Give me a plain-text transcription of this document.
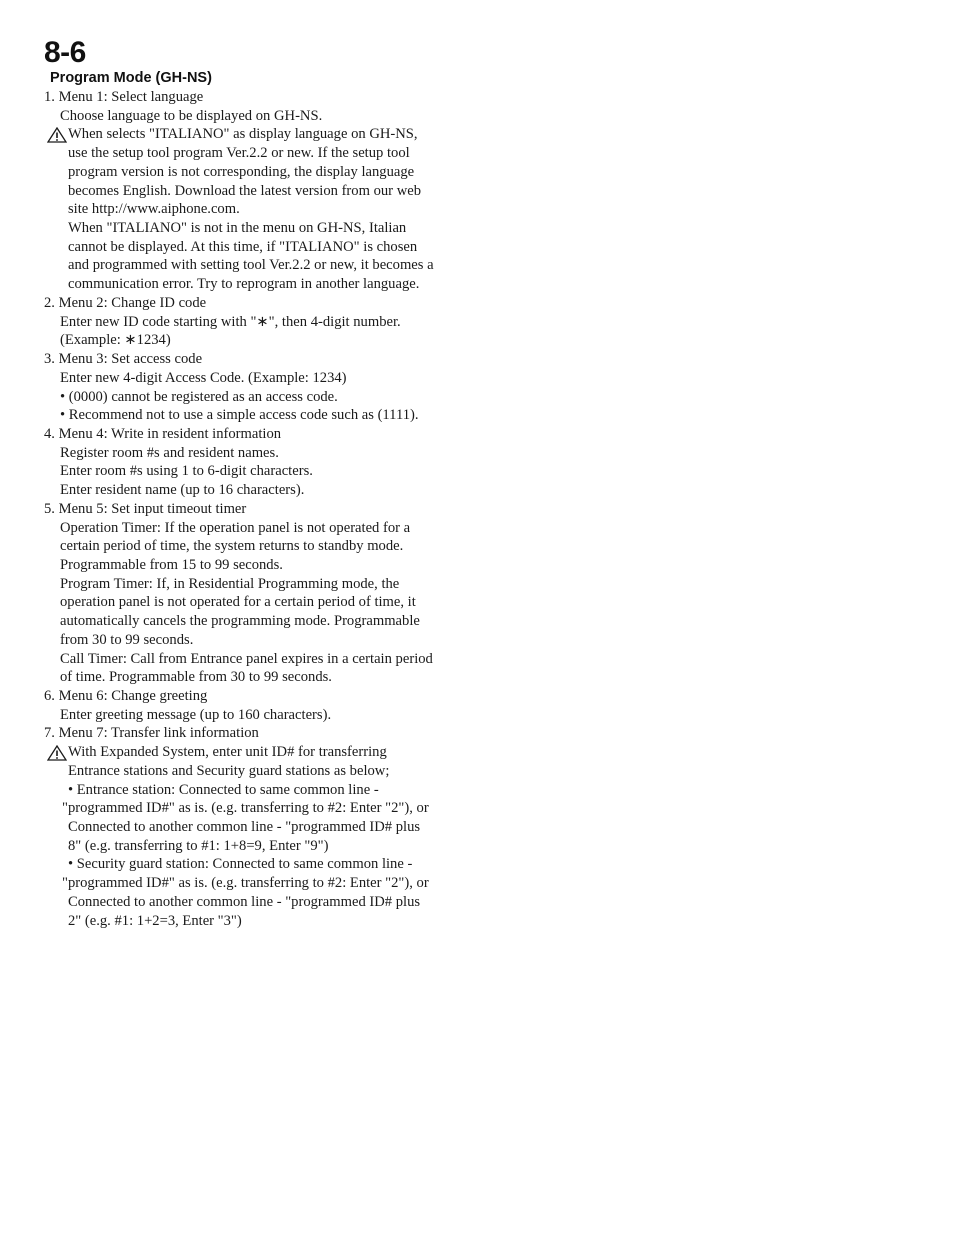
8-6
Program Mode (GH-NS)
1. Menu 1: Select language
Choose language to be displayed on GH-NS.
When selects "ITALIANO" as display language on GH-NS,
use the setup tool program Ver.2.2 or new. If the setup tool
program version is not corresponding, the display language
becomes English. Download the latest version from our web
site http://www.aiphone.com.
When "ITALIANO" is not in the menu on GH-NS, Italian
cannot be displayed. At this time, if "ITALIANO" is chosen
and programmed with setting tool Ver.2.2 or new, it becomes a
communication error. Try to reprogram in another language.
2. Menu 2: Change ID code
Enter new ID code starting with "∗", then 4-digit number.
(Example: ∗1234)
3. Menu 3: Set access code
Enter new 4-digit Access Code. (Example: 1234)
• (0000) cannot be registered as an access code.
• Recommend not to use a simple access code such as (1111).
4. Menu 4: Write in resident information
Register room #s and resident names.
Enter room #s using 1 to 6-digit characters.
Enter resident name (up to 16 characters).
5. Menu 5: Set input timeout timer
Operation Timer: If the operation panel is not operated for a
certain period of time, the system returns to standby mode.
Programmable from 15 to 99 seconds.
Program Timer: If, in Residential Programming mode, the
operation panel is not operated for a certain period of time, it
automatically cancels the programming mode. Programmable
from 30 to 99 seconds.
Call Timer: Call from Entrance panel expires in a certain period
of time. Programmable from 30 to 99 seconds.
6. Menu 6: Change greeting
Enter greeting message (up to 160 characters).
7. Menu 7: Transfer link information
With Expanded System, enter unit ID# for transferring
Entrance stations and Security guard stations as below;
• Entrance station: Connected to same common line -
"programmed ID#" as is. (e.g. transferring to #2: Enter "2"), or
Connected to another common line - "programmed ID# plus
8" (e.g. transferring to #1: 1+8=9, Enter "9")
• Security guard station: Connected to same common line -
"programmed ID#" as is. (e.g. transferring to #2: Enter "2"), or
Connected to another common line - "programmed ID# plus
2" (e.g. #1: 1+2=3, Enter "3")
